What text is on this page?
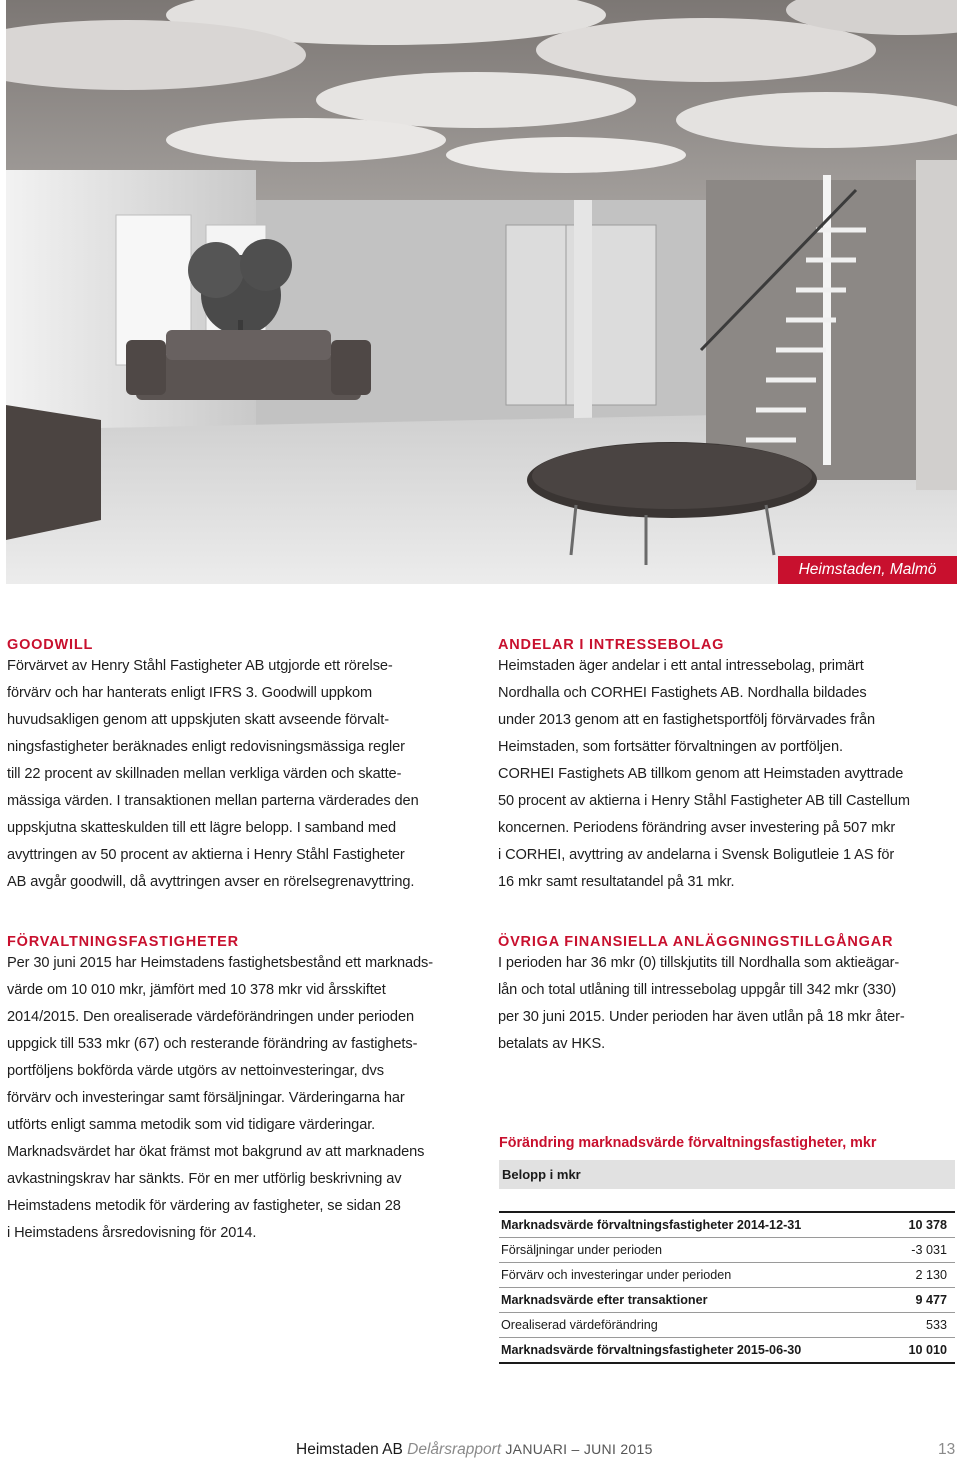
Heimstaden, Malmö
GOODWILL

Förvärvet av Henry Ståhl Fastigheter AB utgjorde ett rörelse-
förvärv och har hanterats enligt IFRS 3. Goodwill uppkom
huvudsakligen genom att uppskjuten skatt avseende förvalt-
ningsfastigheter beräknades enligt redovisningsmässiga regler
till 22 procent av skillnaden mellan verkliga värden och skatte-
mässiga värden. I transaktionen mellan parterna värderades den
uppskjutna skatteskulden till ett lägre belopp. I samband med
avyttringen av 50 procent av aktierna i Henry Ståhl Fastigheter
AB avgår goodwill, då avyttringen avser en rörelsegrenavyttring.

ANDELAR I INTRESSEBOLAG

Heimstaden äger andelar i ett antal intressebolag, primärt
Nordhalla och CORHEI Fastighets AB. Nordhalla bildades
under 2013 genom att en fastighetsportfölj förvärvades från
Heimstaden, som fortsätter förvaltningen av portföljen.
CORHEI Fastighets AB tillkom genom att Heimstaden avyttrade
50 procent av aktierna i Henry Ståhl Fastigheter AB till Castellum
koncernen. Periodens förändring avser investering på 507 mkr
i CORHEI, avyttring av andelarna i Svensk Boligutleie 1 AS för
16 mkr samt resultatandel på 31 mkr.

FÖRVALTNINGSFASTIGHETER

Per 30 juni 2015 har Heimstadens fastighetsbestånd ett marknads-
värde om 10 010 mkr, jämfört med 10 378 mkr vid årsskiftet
2014/2015. Den orealiserade värdeförändringen under perioden
uppgick till 533 mkr (67) och resterande förändring av fastighets-
portföljens bokförda värde utgörs av nettoinvesteringar, dvs
förvärv och investeringar samt försäljningar. Värderingarna har
utförts enligt samma metodik som vid tidigare värderingar.
Marknadsvärdet har ökat främst mot bakgrund av att marknadens
avkastningskrav har sänkts. För en mer utförlig beskrivning av
Heimstadens metodik för värdering av fastigheter, se sidan 28
i Heimstadens årsredovisning för 2014.

ÖVRIGA FINANSIELLA ANLÄGGNINGSTILLGÅNGAR

I perioden har 36 mkr (0) tillskjutits till Nordhalla som aktieägar-
lån och total utlåning till intressebolag uppgår till 342 mkr (330)
per 30 juni 2015. Under perioden har även utlån på 18 mkr åter-
betalats av HKS.

Förändring marknadsvärde förvaltningsfastigheter, mkr
Belopp i mkr
Marknadsvärde förvaltningsfastigheter 2014-12-31	10 378
Försäljningar under perioden	-3 031
Förvärv och investeringar under perioden	2 130
Marknadsvärde efter transaktioner	9 477
Orealiserad värdeförändring	533
Marknadsvärde förvaltningsfastigheter 2015-06-30	10 010
Heimstaden AB Delårsrapport JANUARI – JUNI 2015	13
